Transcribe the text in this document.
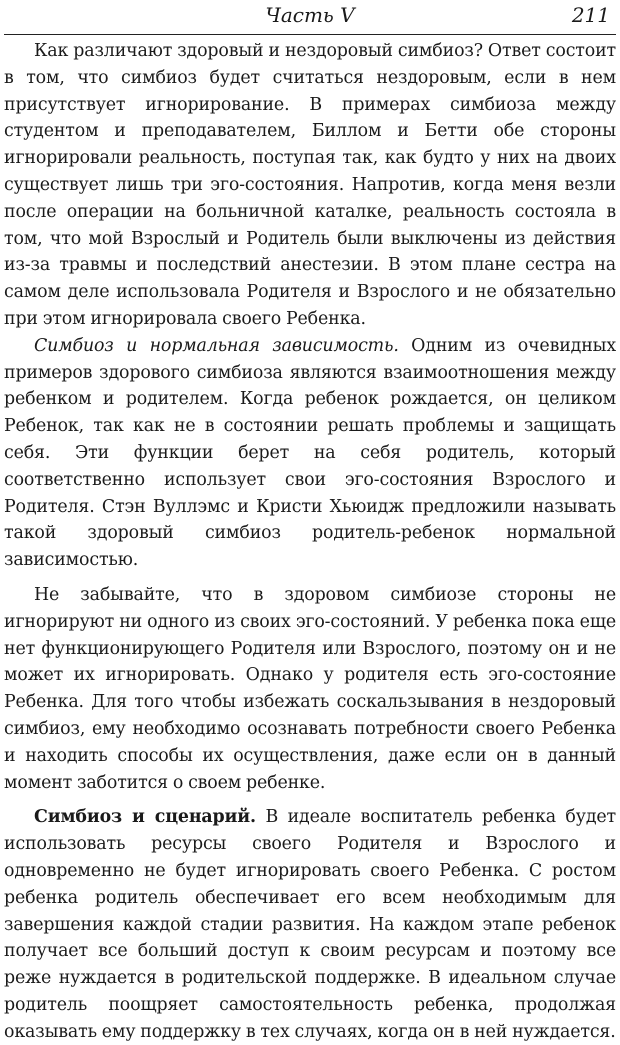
Часть V	211

Как различают здоровый и нездоровый симбиоз? Ответ состоит в том, что симбиоз будет считаться нездоровым, если в нем присутствует игнорирование. В примерах симбиоза между студентом и преподавателем, Биллом и Бетти обе стороны игнорировали реальность, поступая так, как будто у них на двоих существует лишь три эго-состояния. Напротив, когда меня везли после операции на больничной каталке, реальность состояла в том, что мой Взрослый и Родитель были выключены из действия из-за травмы и последствий анестезии. В этом плане сестра на самом деле использовала Родителя и Взрослого и не обязательно при этом игнорировала своего Ребенка.

Симбиоз и нормальная зависимость. Одним из очевидных примеров здорового симбиоза являются взаимоотношения между ребенком и родителем. Когда ребенок рождается, он целиком Ребенок, так как не в состоянии решать проблемы и защищать себя. Эти функции берет на себя родитель, который соответственно использует свои эго-состояния Взрослого и Родителя. Стэн Вуллэмс и Кристи Хьюидж предложили называть такой здоровый симбиоз родитель-ребенок нормальной зависимостью.

Не забывайте, что в здоровом симбиозе стороны не игнорируют ни одного из своих эго-состояний. У ребенка пока еще нет функционирующего Родителя или Взрослого, поэтому он и не может их игнорировать. Однако у родителя есть эго-состояние Ребенка. Для того чтобы избежать соскальзывания в нездоровый симбиоз, ему необходимо осознавать потребности своего Ребенка и находить способы их осуществления, даже если он в данный момент заботится о своем ребенке.

Симбиоз и сценарий. В идеале воспитатель ребенка будет использовать ресурсы своего Родителя и Взрослого и одновременно не будет игнорировать своего Ребенка. С ростом ребенка родитель обеспечивает его всем необходимым для завершения каждой стадии развития. На каждом этапе ребенок получает все больший доступ к своим ресурсам и поэтому все реже нуждается в родительской поддержке. В идеальном случае родитель поощряет самостоятельность ребенка, продолжая оказывать ему поддержку в тех случаях, когда он в ней нуждается.
